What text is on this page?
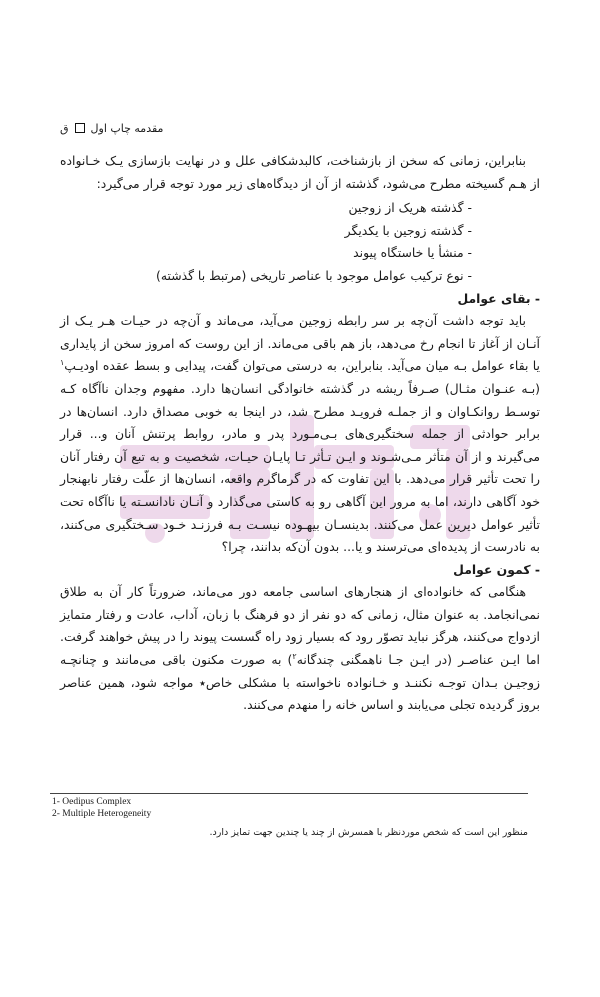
مقدمه چاپ اول
ق

بنابراین، زمانی که سخن از بازشناخت، کالبدشکافی علل و در نهایت بازسازی یـک خـانواده از هـم گسیخته مطرح می‌شود، گذشته از آن از دیدگاه‌های زیر مورد توجه قرار می‌گیرد:

- گذشته هریک از زوجین
- گذشته زوجین با یکدیگر
- منشأ یا خاستگاه پیوند
- نوع ترکیب عوامل موجود با عناصر تاریخی (مرتبط با گذشته)

- بقای عوامل

باید توجه داشت آن‌چه بر سر رابطه زوجین می‌آید، می‌ماند و آن‌چه در حیـات هـر یـک از آنـان از آغاز تا انجام رخ می‌دهد، باز هم باقی می‌ماند. از این روست که امروز سخن از پایداری یا بقاء عوامل بـه میان می‌آید. بنابراین، به درستی می‌توان گفت، پیدایی و بسط عقده اودیـپ$^۱$ (بـه عنـوان مثـال) صـرفاً ریشه در گذشته خانوادگی انسان‌ها دارد. مفهوم وجدان ناآگاه کـه توسـط روانکـاوان و از جملـه فرویـد مطرح شد، در اینجا به خوبی مصداق دارد. انسان‌ها در برابر حوادثی از جمله سختگیری‌های بـی‌مـورد پدر و مادر، روابط پرتنش آنان و... قرار می‌گیرند و از آن متأثر مـی‌شـوند و ایـن تـأثر تـا پایـان حیـات، شخصیت و به تبع آن رفتار آنان را تحت تأثیر قرار می‌دهد. با این تفاوت که در گرماگرم واقعه، انسان‌ها از علّت رفتار نابهنجار خود آگاهی دارند، اما به مرور این آگاهی رو به کاستی می‌گذارد و آنـان نادانسـته یا ناآگاه تحت تأثیر عوامل دیرین عمل می‌کنند. بدینسـان بیهـوده نیسـت بـه فرزنـد خـود سـختگیری می‌کنند، به نادرست از پدیده‌ای می‌ترسند و یا... بدون آن‌که بدانند، چرا؟

- کمون عوامل

هنگامی که خانواده‌ای از هنجارهای اساسی جامعه دور می‌ماند، ضرورتاً کار آن به طلاق نمی‌انجامد. به عنوان مثال، زمانی که دو نفر از دو فرهنگ با زبان، آداب، عادت و رفتار متمایز ازدواج می‌کنند، هرگز نباید تصوّر رود که بسیار زود راه گسست پیوند را در پیش خواهند گرفت. اما ایـن عناصـر (در ایـن جـا ناهمگنی چندگانه$^۲$) به صورت مکنون باقی می‌مانند و چنانچـه زوجیـن بـدان توجـه نکننـد و خـانواده ناخواسته با مشکلی خاص٭ مواجه شود، همین عناصر بروز گردیده تجلی می‌یابند و اساس خانه را منهدم می‌کنند.

1- Oedipus Complex
2- Multiple Heterogeneity
منظور این است که شخص موردنظر با همسرش از چند یا چندین جهت تمایز دارد.
